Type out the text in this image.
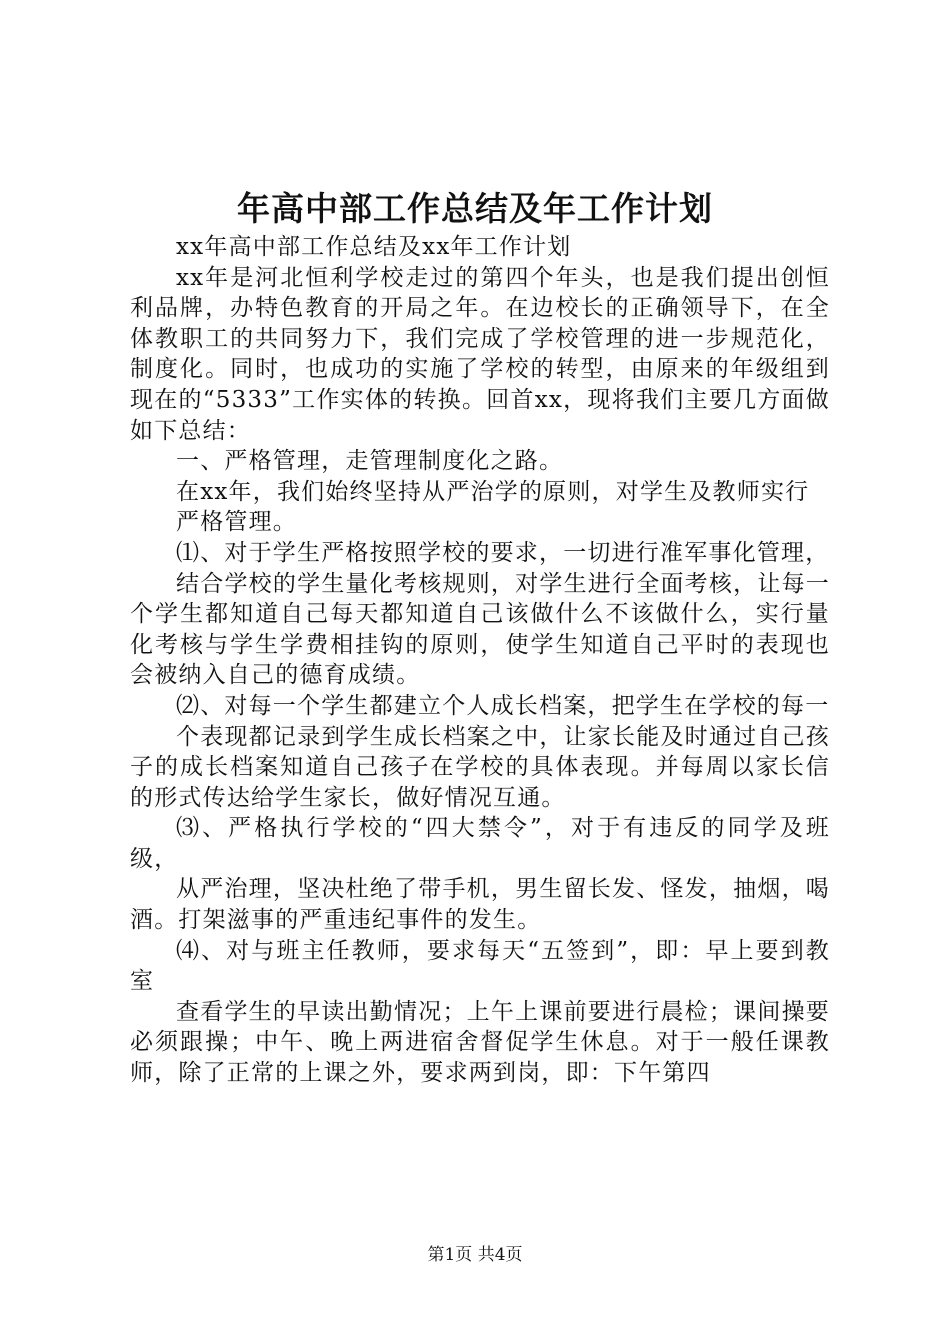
年高中部工作总结及年工作计划

xx年高中部工作总结及xx年工作计划

xx年是河北恒利学校走过的第四个年头，也是我们提出创恒利品牌，办特色教育的开局之年。在边校长的正确领导下，在全体教职工的共同努力下，我们完成了学校管理的进一步规范化，制度化。同时，也成功的实施了学校的转型，由原来的年级组到现在的“5333”工作实体的转换。回首xx，现将我们主要几方面做如下总结：

一、严格管理，走管理制度化之路。

在xx年，我们始终坚持从严治学的原则，对学生及教师实行

严格管理。

⑴、对于学生严格按照学校的要求，一切进行准军事化管理，

结合学校的学生量化考核规则，对学生进行全面考核，让每一个学生都知道自己每天都知道自己该做什么不该做什么，实行量化考核与学生学费相挂钩的原则，使学生知道自己平时的表现也会被纳入自己的德育成绩。

⑵、对每一个学生都建立个人成长档案，把学生在学校的每一

个表现都记录到学生成长档案之中，让家长能及时通过自己孩子的成长档案知道自己孩子在学校的具体表现。并每周以家长信的形式传达给学生家长，做好情况互通。

⑶、严格执行学校的“四大禁令”，对于有违反的同学及班级，

从严治理，坚决杜绝了带手机，男生留长发、怪发，抽烟，喝酒。打架滋事的严重违纪事件的发生。

⑷、对与班主任教师，要求每天“五签到”，即：早上要到教室

查看学生的早读出勤情况；上午上课前要进行晨检；课间操要必须跟操；中午、晚上两进宿舍督促学生休息。对于一般任课教师，除了正常的上课之外，要求两到岗，即：下午第四

第1页 共4页
